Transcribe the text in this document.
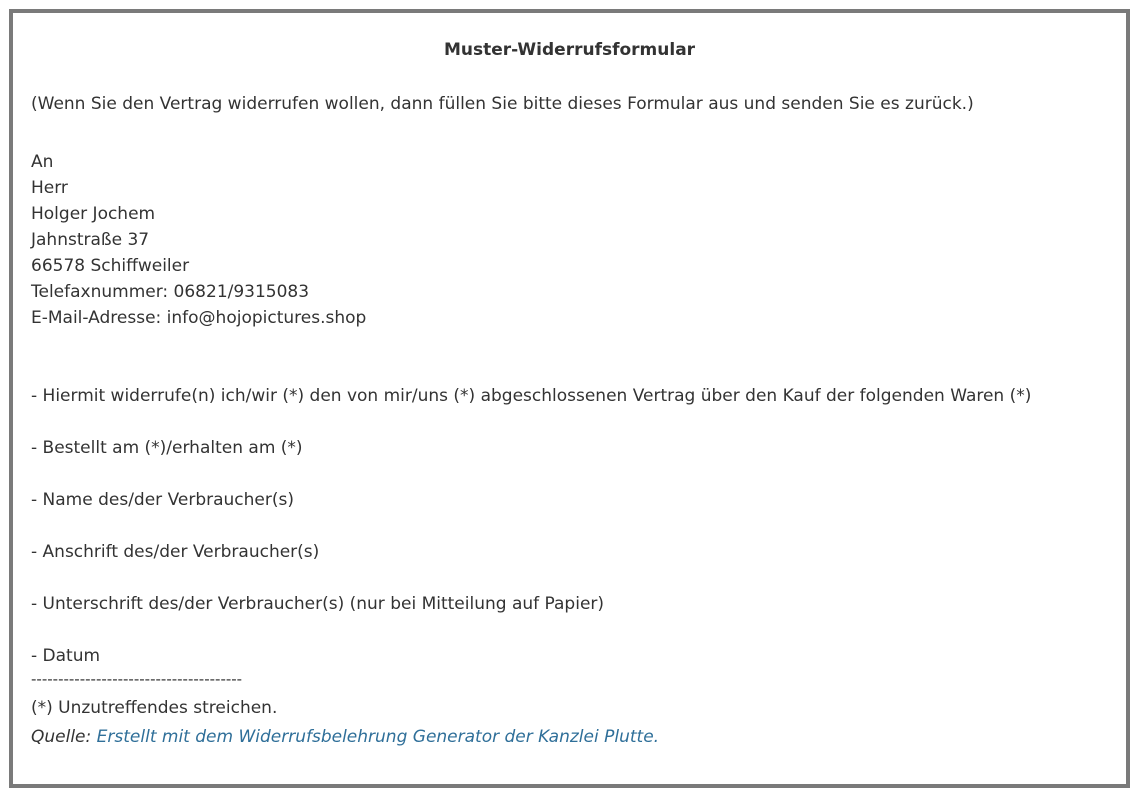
Muster-Widerrufsformular
(Wenn Sie den Vertrag widerrufen wollen, dann füllen Sie bitte dieses Formular aus und senden Sie es zurück.)
An
Herr
Holger Jochem
Jahnstraße 37
66578 Schiffweiler
Telefaxnummer: 06821/9315083
E-Mail-Adresse: info@hojopictures.shop
- Hiermit widerrufe(n) ich/wir (*) den von mir/uns (*) abgeschlossenen Vertrag über den Kauf der folgenden Waren (*)
- Bestellt am (*)/erhalten am (*)
- Name des/der Verbraucher(s)
- Anschrift des/der Verbraucher(s)
- Unterschrift des/der Verbraucher(s) (nur bei Mitteilung auf Papier)
- Datum
---------------------------------------
(*) Unzutreffendes streichen.
Quelle: Erstellt mit dem Widerrufsbelehrung Generator der Kanzlei Plutte.
